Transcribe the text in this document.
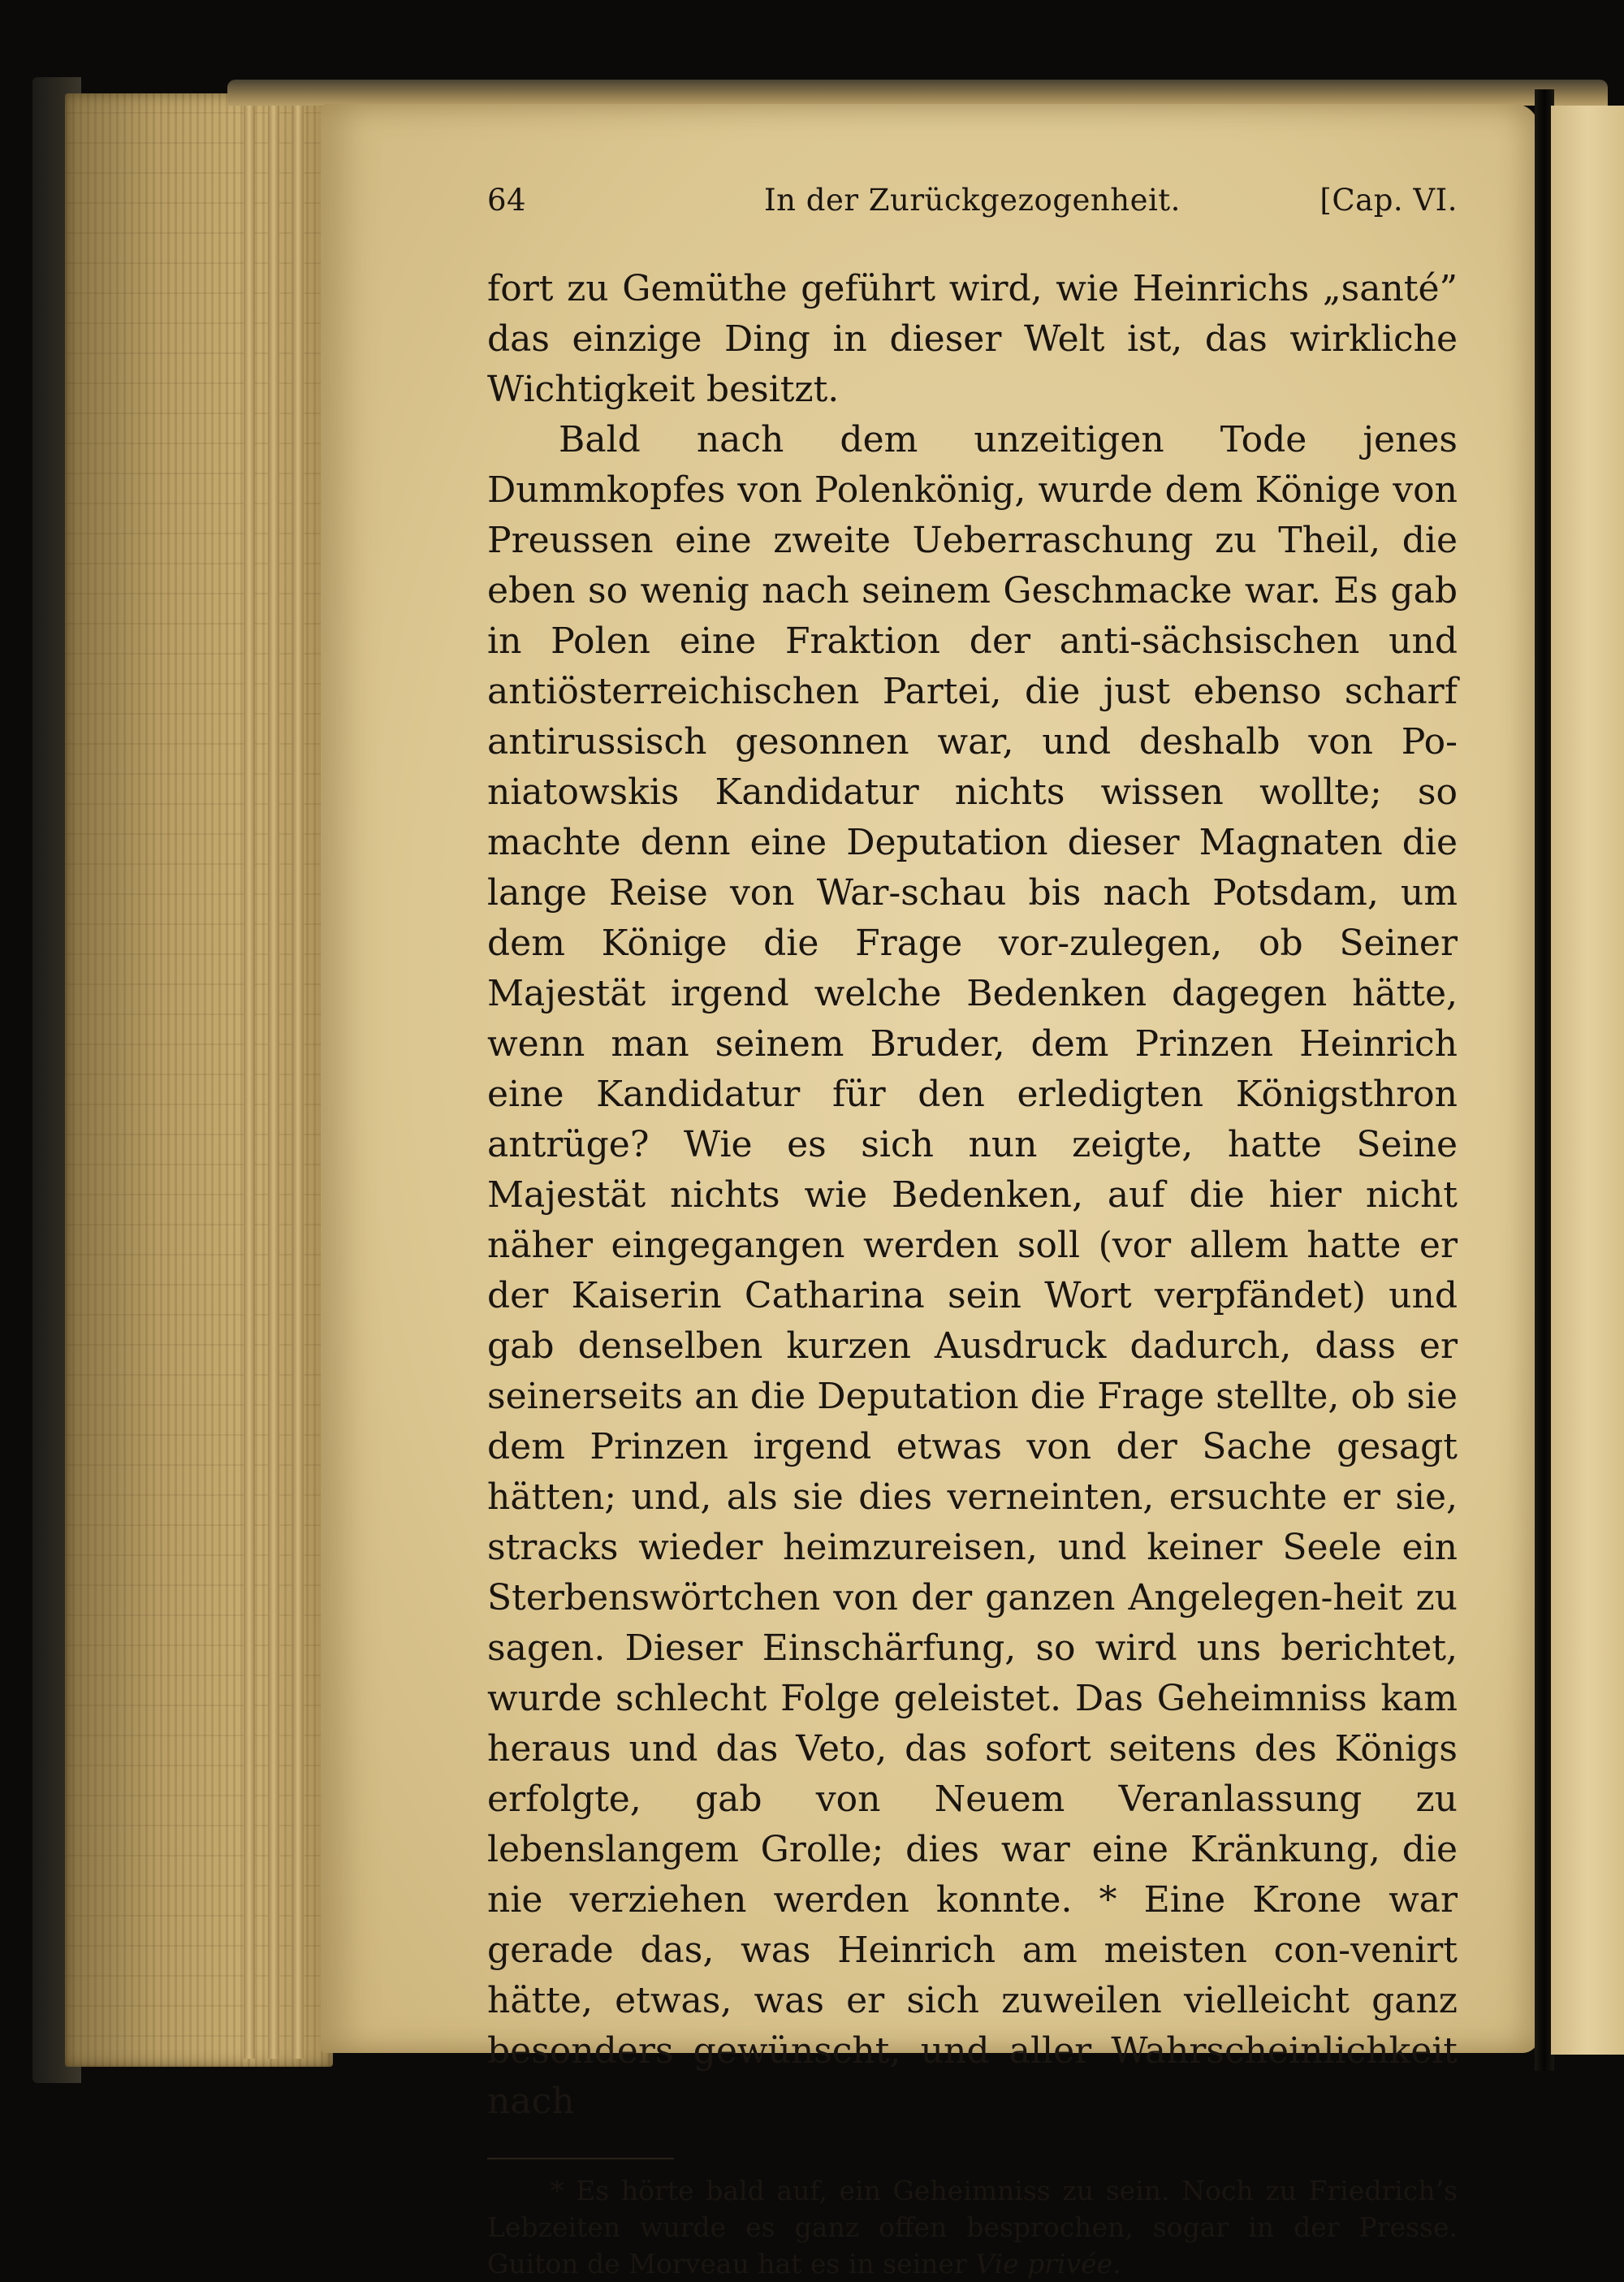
64	In der Zurückgezogenheit.	[Cap. VI.

fort zu Gemüthe geführt wird, wie Heinrichs „santé” das einzige Ding in dieser Welt ist, das wirkliche Wichtigkeit besitzt.

Bald nach dem unzeitigen Tode jenes Dummkopfes von Polenkönig, wurde dem Könige von Preussen eine zweite Ueberraschung zu Theil, die eben so wenig nach seinem Geschmacke war. Es gab in Polen eine Fraktion der anti-sächsischen und antiösterreichischen Partei, die just ebenso scharf antirussisch gesonnen war, und deshalb von Po-niatowskis Kandidatur nichts wissen wollte; so machte denn eine Deputation dieser Magnaten die lange Reise von War-schau bis nach Potsdam, um dem Könige die Frage vor-zulegen, ob Seiner Majestät irgend welche Bedenken dagegen hätte, wenn man seinem Bruder, dem Prinzen Heinrich eine Kandidatur für den erledigten Königsthron antrüge? Wie es sich nun zeigte, hatte Seine Majestät nichts wie Bedenken, auf die hier nicht näher eingegangen werden soll (vor allem hatte er der Kaiserin Catharina sein Wort verpfändet) und gab denselben kurzen Ausdruck dadurch, dass er seinerseits an die Deputation die Frage stellte, ob sie dem Prinzen irgend etwas von der Sache gesagt hätten; und, als sie dies verneinten, ersuchte er sie, stracks wieder heimzureisen, und keiner Seele ein Sterbenswörtchen von der ganzen Angelegen-heit zu sagen. Dieser Einschärfung, so wird uns berichtet, wurde schlecht Folge geleistet. Das Geheimniss kam heraus und das Veto, das sofort seitens des Königs erfolgte, gab von Neuem Veranlassung zu lebenslangem Grolle; dies war eine Kränkung, die nie verziehen werden konnte. * Eine Krone war gerade das, was Heinrich am meisten con-venirt hätte, etwas, was er sich zuweilen vielleicht ganz besonders gewünscht, und aller Wahrscheinlichkeit nach

* Es hörte bald auf, ein Geheimniss zu sein. Noch zu Friedrich’s Lebzeiten wurde es ganz offen besprochen, sogar in der Presse. Guiton de Morveau hat es in seiner Vie privée.
